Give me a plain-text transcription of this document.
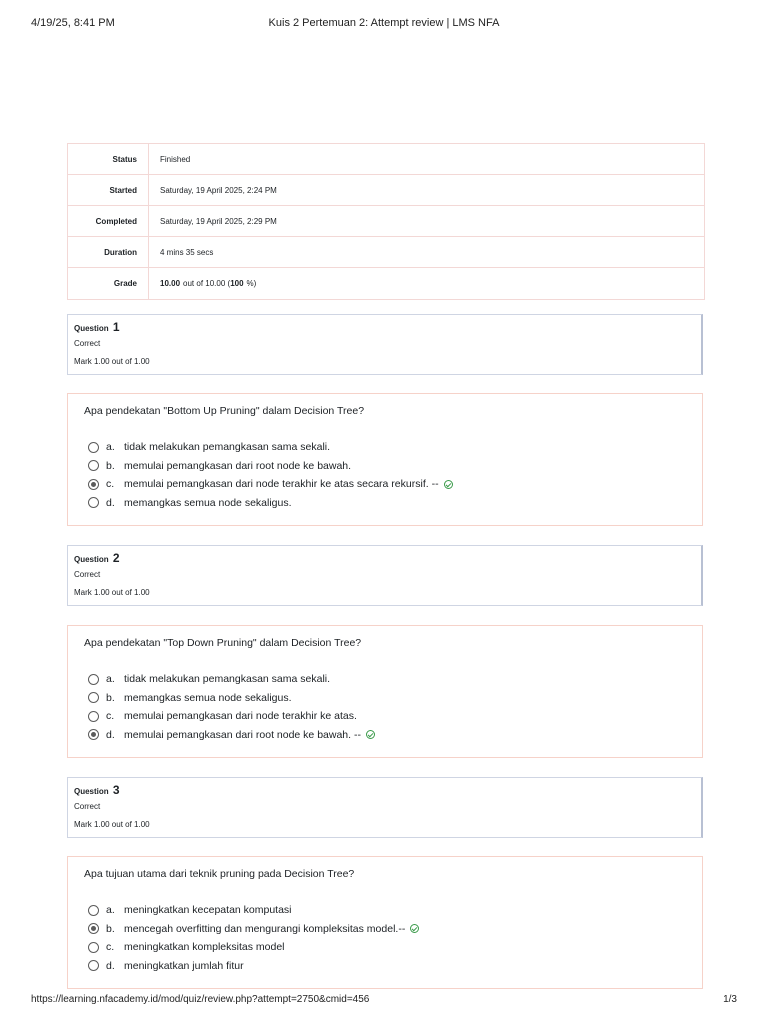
4/19/25, 8:41 PM	Kuis 2 Pertemuan 2: Attempt review | LMS NFA
Status	Finished
Started	Saturday, 19 April 2025, 2:24 PM
Completed	Saturday, 19 April 2025, 2:29 PM
Duration	4 mins 35 secs
Grade	10.00 out of 10.00 ( 100 %)
Question 1
Correct
Mark 1.00 out of 1.00
Apa pendekatan "Bottom Up Pruning" dalam Decision Tree?
a. tidak melakukan pemangkasan sama sekali.
b. memulai pemangkasan dari root node ke bawah.
c. memulai pemangkasan dari node terakhir ke atas secara rekursif. --
d. memangkas semua node sekaligus.
Question 2
Correct
Mark 1.00 out of 1.00
Apa pendekatan "Top Down Pruning" dalam Decision Tree?
a. tidak melakukan pemangkasan sama sekali.
b. memangkas semua node sekaligus.
c. memulai pemangkasan dari node terakhir ke atas.
d. memulai pemangkasan dari root node ke bawah. --
Question 3
Correct
Mark 1.00 out of 1.00
Apa tujuan utama dari teknik pruning pada Decision Tree?
a. meningkatkan kecepatan komputasi
b. mencegah overfitting dan mengurangi kompleksitas model.--
c. meningkatkan kompleksitas model
d. meningkatkan jumlah fitur
https://learning.nfacademy.id/mod/quiz/review.php?attempt=2750&cmid=456	1/3
